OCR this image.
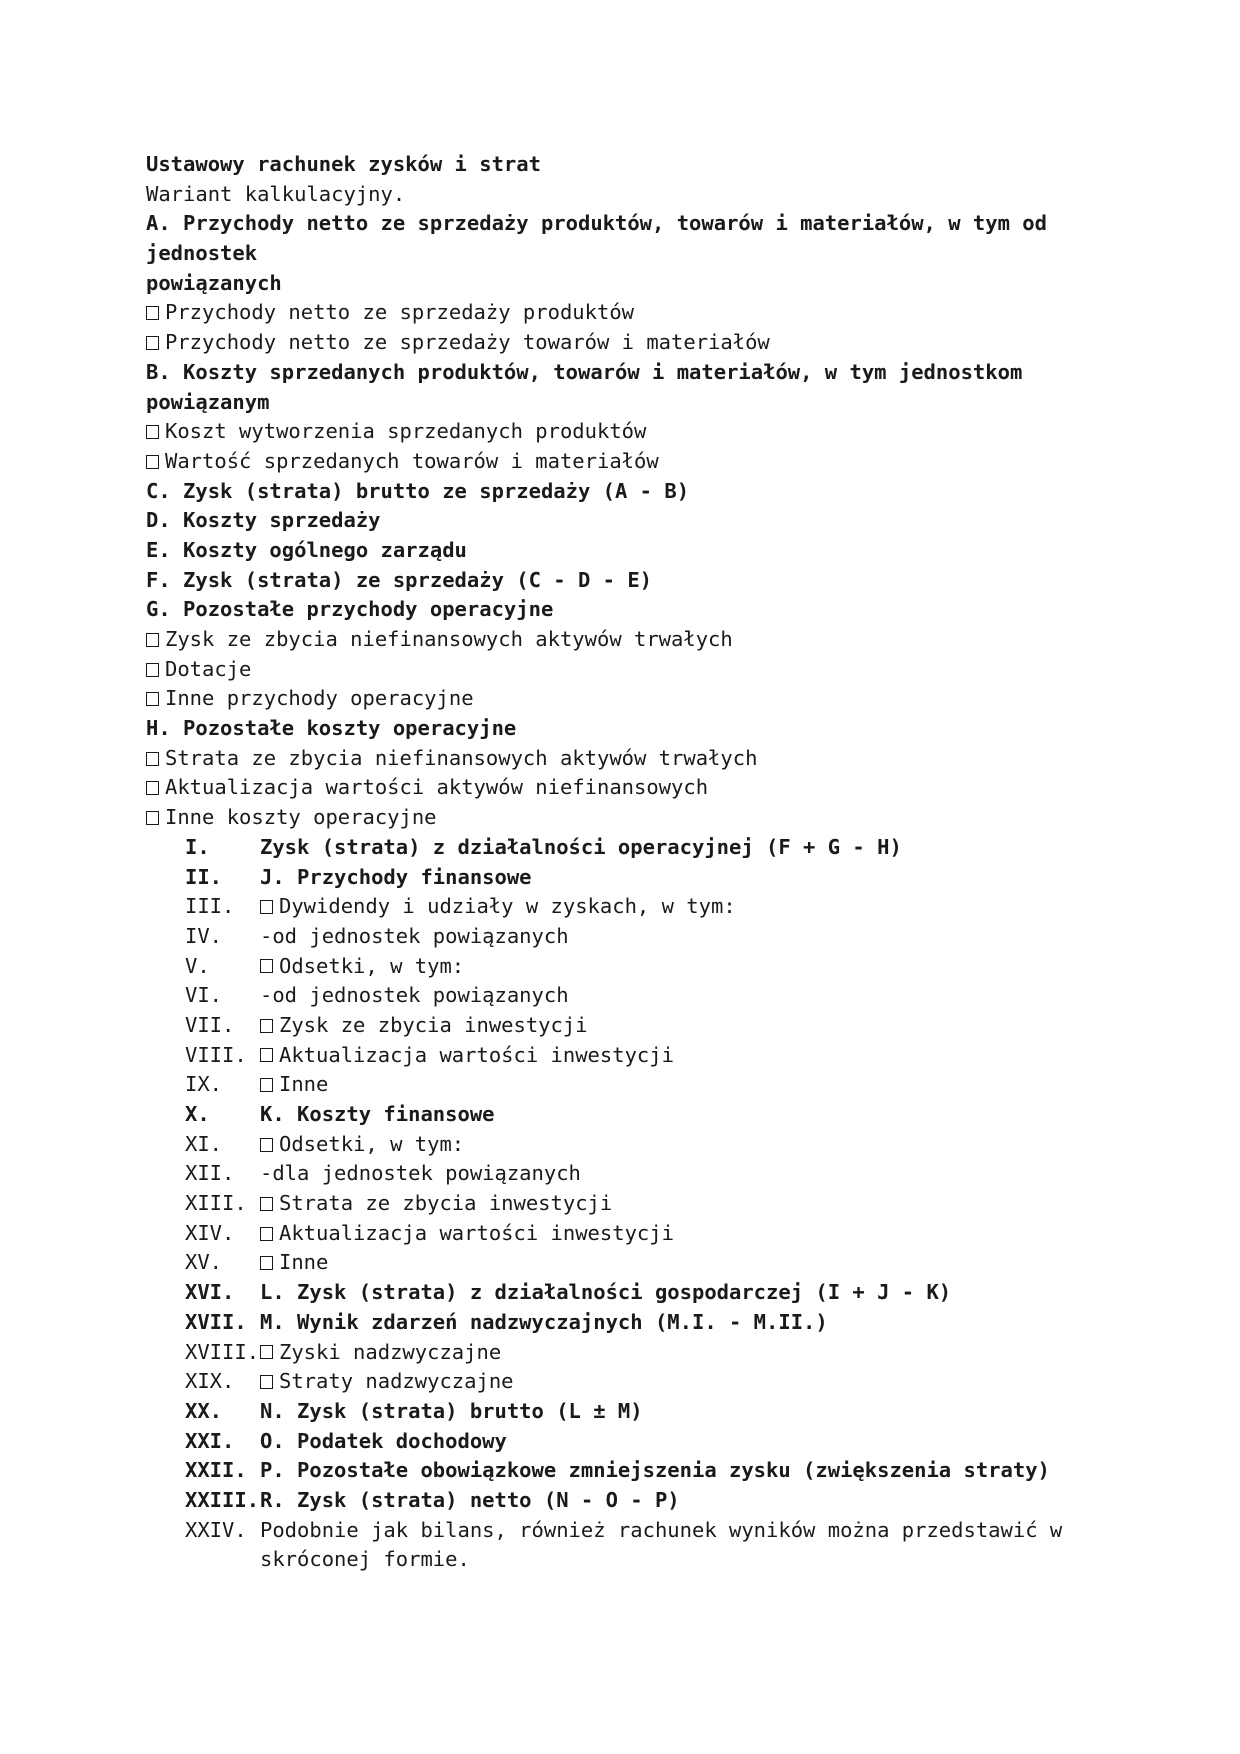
Ustawowy rachunek zysków i strat
Wariant kalkulacyjny.
A. Przychody netto ze sprzedaży produktów, towarów i materiałów, w tym od
jednostek
powiązanych
Przychody netto ze sprzedaży produktów
Przychody netto ze sprzedaży towarów i materiałów
B. Koszty sprzedanych produktów, towarów i materiałów, w tym jednostkom
powiązanym
Koszt wytworzenia sprzedanych produktów
Wartość sprzedanych towarów i materiałów
C. Zysk (strata) brutto ze sprzedaży (A - B)
D. Koszty sprzedaży
E. Koszty ogólnego zarządu
F. Zysk (strata) ze sprzedaży (C - D - E)
G. Pozostałe przychody operacyjne
Zysk ze zbycia niefinansowych aktywów trwałych
Dotacje
Inne przychody operacyjne
H. Pozostałe koszty operacyjne
Strata ze zbycia niefinansowych aktywów trwałych
Aktualizacja wartości aktywów niefinansowych
Inne koszty operacyjne
I.	Zysk (strata) z działalności operacyjnej (F + G - H)
II.	J. Przychody finansowe
III.	Dywidendy i udziały w zyskach, w tym:
IV.	-od jednostek powiązanych
V.	Odsetki, w tym:
VI.	-od jednostek powiązanych
VII.	Zysk ze zbycia inwestycji
VIII.	Aktualizacja wartości inwestycji
IX.	Inne
X.	K. Koszty finansowe
XI.	Odsetki, w tym:
XII.	-dla jednostek powiązanych
XIII.	Strata ze zbycia inwestycji
XIV.	Aktualizacja wartości inwestycji
XV.	Inne
XVI.	L. Zysk (strata) z działalności gospodarczej (I + J - K)
XVII. M. Wynik zdarzeń nadzwyczajnych (M.I. - M.II.)
XVIII. Zyski nadzwyczajne
XIX.	Straty nadzwyczajne
XX.	N. Zysk (strata) brutto (L ± M)
XXI.	O. Podatek dochodowy
XXII. P. Pozostałe obowiązkowe zmniejszenia zysku (zwiększenia straty)
XXIII. R. Zysk (strata) netto (N - O - P)
XXIV. Podobnie jak bilans, również rachunek wyników można przedstawić w
skróconej formie.
